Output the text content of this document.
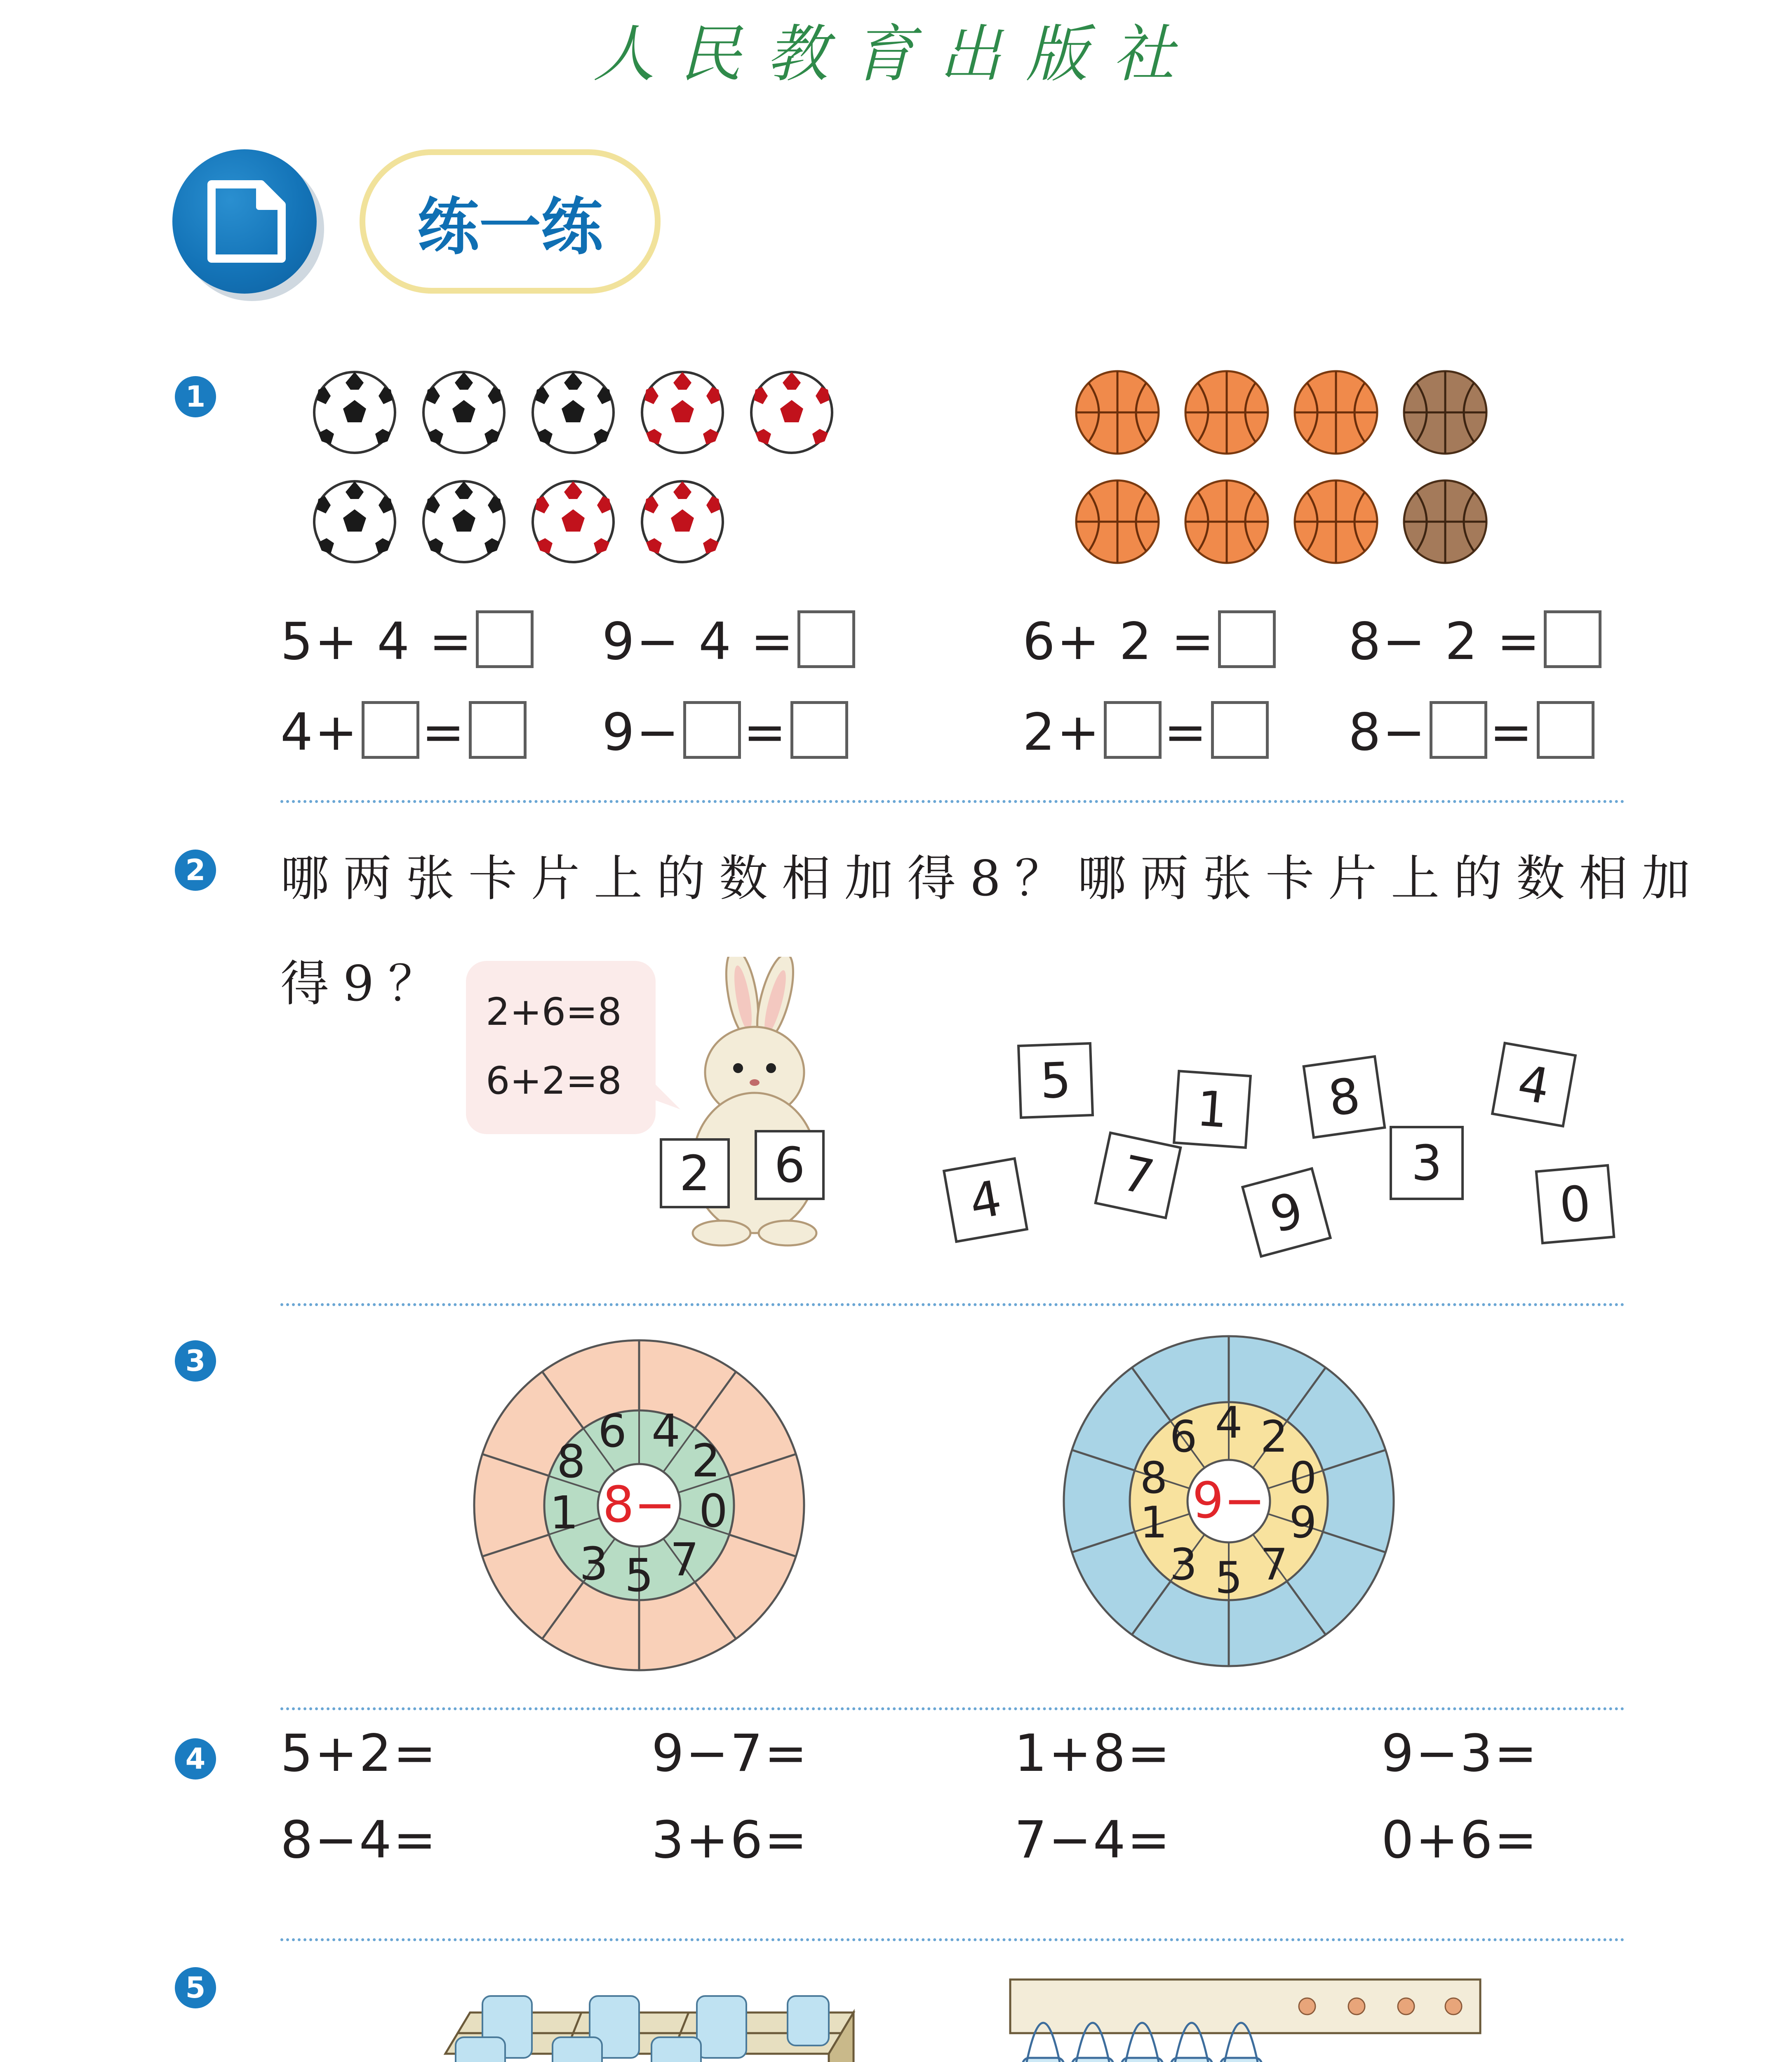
人民教育出版社
练一练
1
5+ 4 =	9− 4 =	6+ 2 =	8− 2 =
4+ =	9− =	2+ =	8− =
2 哪两张卡片上的数相加得8？哪两张卡片上的数相加
得9？ 2+6=8
6+2=8
2	6
5	1	8	4
4	7
9
3
0
3
6 4
2
0
7
5
3
1
8
8−
6 4 2
0
9
7
5
3
1
8 9−
4 5+2=	9−7=	1+8=	9−3=
8−4=	3+6=	7−4=	0+6=
5
